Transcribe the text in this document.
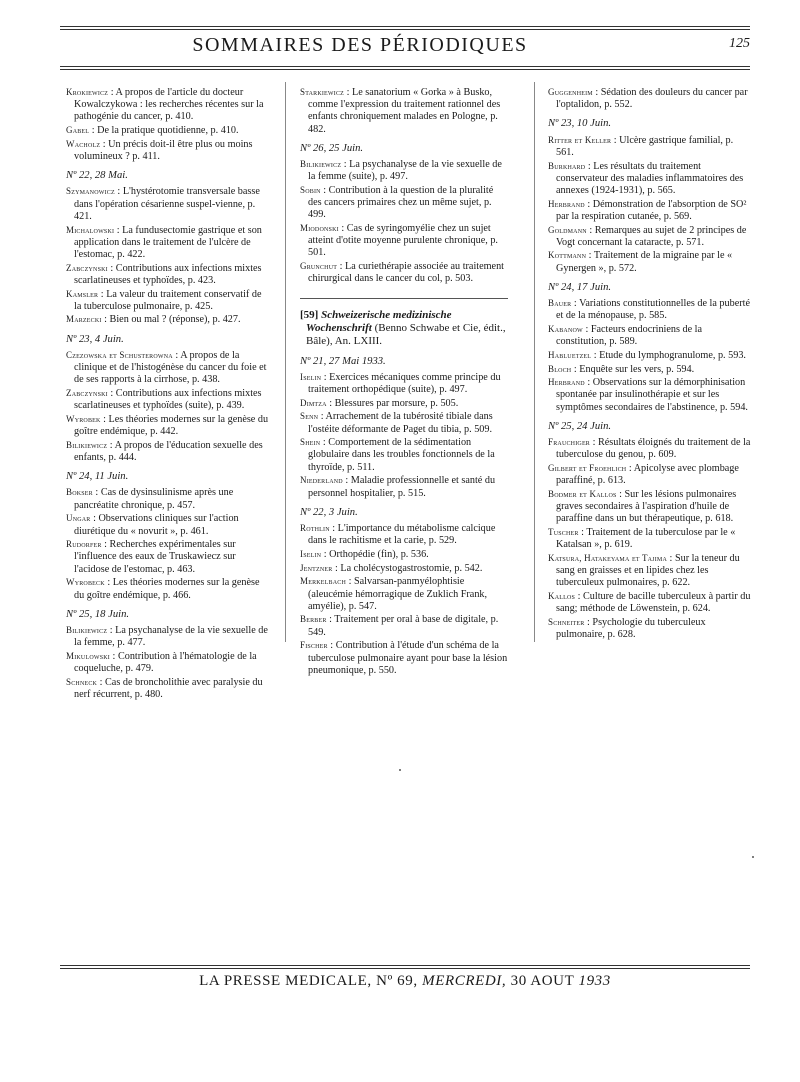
SOMMAIRES DES PÉRIODIQUES	125
Krokiewicz : A propos de l'article du docteur Kowalczykowa : les recherches récentes sur la pathogénie du cancer, p. 410.
Gabel : De la pratique quotidienne, p. 410.
Wacholz : Un précis doit-il être plus ou moins volumineux ? p. 411.
Nº 22, 28 Mai.
Szymanowicz : L'hystérotomie transversale basse dans l'opération césarienne suspel-vienne, p. 421.
Michalowski : La fundusectomie gastrique et son application dans le traitement de l'ulcère de l'estomac, p. 422.
Zabczynski : Contributions aux infections mixtes scarlatineuses et typhoïdes, p. 423.
Kamsler : La valeur du traitement conservatif de la tuberculose pulmonaire, p. 425.
Marzecki : Bien ou mal ? (réponse), p. 427.
Nº 23, 4 Juin.
Czezowska et Schusterowna : A propos de la clinique et de l'histogénèse du cancer du foie et de ses rapports à la cirrhose, p. 438.
Zabczynski : Contributions aux infections mixtes scarlatineuses et typhoïdes (suite), p. 439.
Wyrobek : Les théories modernes sur la genèse du goître endémique, p. 442.
Bilikiewicz : A propos de l'éducation sexuelle des enfants, p. 444.
Nº 24, 11 Juin.
Bokser : Cas de dysinsulinisme après une pancréatite chronique, p. 457.
Ungar : Observations cliniques sur l'action diurétique du « novurit », p. 461.
Rudorfer : Recherches expérimentales sur l'influence des eaux de Truskawiecz sur l'acidose de l'estomac, p. 463.
Wyrobeck : Les théories modernes sur la genèse du goître endémique, p. 466.
Nº 25, 18 Juin.
Bilikiewicz : La psychanalyse de la vie sexuelle de la femme, p. 477.
Mikulowski : Contribution à l'hématologie de la coqueluche, p. 479.
Schneck : Cas de broncholithie avec paralysie du nerf récurrent, p. 480.
Starkiewicz : Le sanatorium « Gorka » à Busko, comme l'expression du traitement rationnel des enfants chroniquement malades en Pologne, p. 482.
Nº 26, 25 Juin.
Bilikiewicz : La psychanalyse de la vie sexuelle de la femme (suite), p. 497.
Sobin : Contribution à la question de la pluralité des cancers primaires chez un même sujet, p. 499.
Miodonski : Cas de syringomyélie chez un sujet atteint d'otite moyenne purulente chronique, p. 501.
Grunchut : La curiethérapie associée au traitement chirurgical dans le cancer du col, p. 503.
[59] Schweizerische medizinische Wochenschrift (Benno Schwabe et Cie, édit., Bâle), An. LXIII.
Nº 21, 27 Mai 1933.
Iselin : Exercices mécaniques comme principe du traitement orthopédique (suite), p. 497.
Dimtza : Blessures par morsure, p. 505.
Senn : Arrachement de la tubérosité tibiale dans l'ostéite déformante de Paget du tibia, p. 509.
Shein : Comportement de la sédimentation globulaire dans les troubles fonctionnels de la thyroïde, p. 511.
Niederland : Maladie professionnelle et santé du personnel hospitalier, p. 515.
Nº 22, 3 Juin.
Rothlin : L'importance du métabolisme calcique dans le rachitisme et la carie, p. 529.
Iselin : Orthopédie (fin), p. 536.
Jentzner : La cholécystogastrostomie, p. 542.
Merkelbach : Salvarsan-panmyélophtisie (aleucémie hémorragique de Zuklich Frank, amyélie), p. 547.
Berber : Traitement per oral à base de digitale, p. 549.
Fischer : Contribution à l'étude d'un schéma de la tuberculose pulmonaire ayant pour base la lésion pneumonique, p. 550.
Guggenheim : Sédation des douleurs du cancer par l'optalidon, p. 552.
Nº 23, 10 Juin.
Ritter et Keller : Ulcère gastrique familial, p. 561.
Burkhard : Les résultats du traitement conservateur des maladies inflammatoires des annexes (1924-1931), p. 565.
Herbrand : Démonstration de l'absorption de SO² par la respiration cutanée, p. 569.
Goldmann : Remarques au sujet de 2 principes de Vogt concernant la cataracte, p. 571.
Kottmann : Traitement de la migraine par le « Gynergen », p. 572.
Nº 24, 17 Juin.
Bauer : Variations constitutionnelles de la puberté et de la ménopause, p. 585.
Kabanow : Facteurs endocriniens de la constitution, p. 589.
Habluetzel : Etude du lymphogranulome, p. 593.
Bloch : Enquête sur les vers, p. 594.
Herbrand : Observations sur la démorphinisation spontanée par insulinothérapie et sur les symptômes secondaires de l'abstinence, p. 594.
Nº 25, 24 Juin.
Frauchiger : Résultats éloignés du traitement de la tuberculose du genou, p. 609.
Gilbert et Froehlich : Apicolyse avec plombage paraffiné, p. 613.
Bodmer et Kallos : Sur les lésions pulmonaires graves secondaires à l'aspiration d'huile de paraffine dans un but thérapeutique, p. 618.
Tuscher : Traitement de la tuberculose par le « Katalsan », p. 619.
Katsura, Hatakeyama et Tajima : Sur la teneur du sang en graisses et en lipides chez les tuberculeux pulmonaires, p. 622.
Kallos : Culture de bacille tuberculeux à partir du sang; méthode de Löwenstein, p. 624.
Schneiter : Psychologie du tuberculeux pulmonaire, p. 628.
LA PRESSE MEDICALE, Nº 69, MERCREDI, 30 AOUT 1933
